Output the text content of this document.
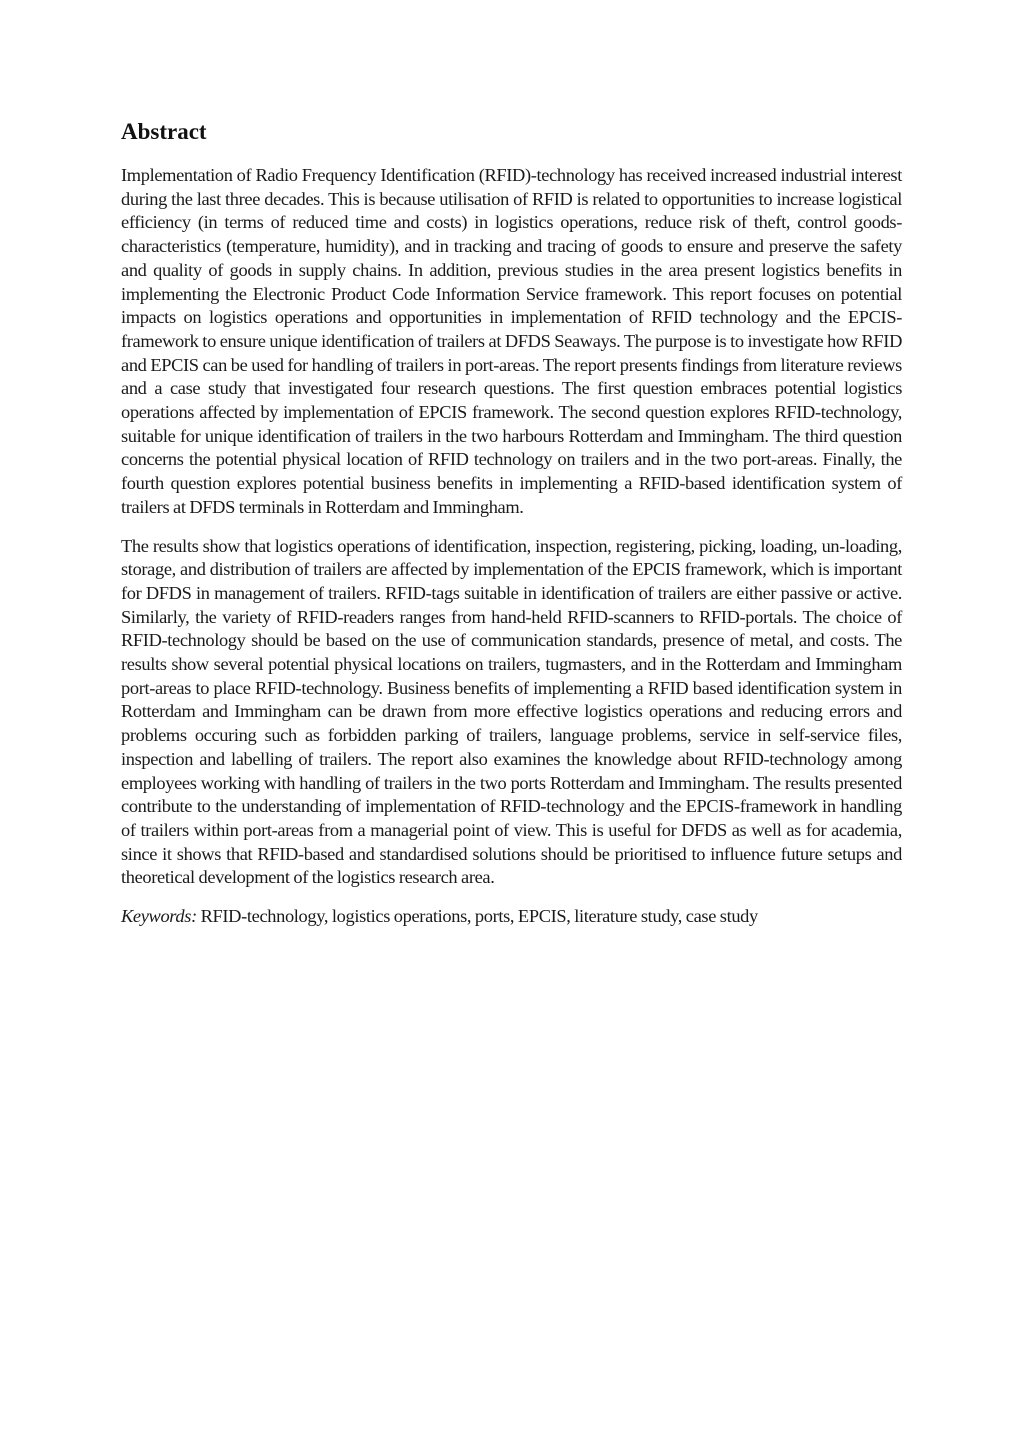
Abstract

Implementation of Radio Frequency Identification (RFID)-technology has received increased industrial interest during the last three decades. This is because utilisation of RFID is related to opportunities to increase logistical efficiency (in terms of reduced time and costs) in logistics operations, reduce risk of theft, control goods-characteristics (temperature, humidity), and in tracking and tracing of goods to ensure and preserve the safety and quality of goods in supply chains. In addition, previous studies in the area present logistics benefits in implementing the Electronic Product Code Information Service framework. This report focuses on potential impacts on logistics operations and opportunities in implementation of RFID technology and the EPCIS-framework to ensure unique identification of trailers at DFDS Seaways. The purpose is to investigate how RFID and EPCIS can be used for handling of trailers in port-areas. The report presents findings from literature reviews and a case study that investigated four research questions. The first question embraces potential logistics operations affected by implementation of EPCIS framework. The second question explores RFID-technology, suitable for unique identification of trailers in the two harbours Rotterdam and Immingham. The third question concerns the potential physical location of RFID technology on trailers and in the two port-areas. Finally, the fourth question explores potential business benefits in implementing a RFID-based identification system of trailers at DFDS terminals in Rotterdam and Immingham.

The results show that logistics operations of identification, inspection, registering, picking, loading, un-loading, storage, and distribution of trailers are affected by implementation of the EPCIS framework, which is important for DFDS in management of trailers. RFID-tags suitable in identification of trailers are either passive or active. Similarly, the variety of RFID-readers ranges from hand-held RFID-scanners to RFID-portals. The choice of RFID-technology should be based on the use of communication standards, presence of metal, and costs. The results show several potential physical locations on trailers, tugmasters, and in the Rotterdam and Immingham port-areas to place RFID-technology. Business benefits of implementing a RFID based identification system in Rotterdam and Immingham can be drawn from more effective logistics operations and reducing errors and problems occuring such as forbidden parking of trailers, language problems, service in self-service files, inspection and labelling of trailers. The report also examines the knowledge about RFID-technology among employees working with handling of trailers in the two ports Rotterdam and Immingham. The results presented contribute to the understanding of implementation of RFID-technology and the EPCIS-framework in handling of trailers within port-areas from a managerial point of view. This is useful for DFDS as well as for academia, since it shows that RFID-based and standardised solutions should be prioritised to influence future setups and theoretical development of the logistics research area.

Keywords: RFID-technology, logistics operations, ports, EPCIS, literature study, case study
